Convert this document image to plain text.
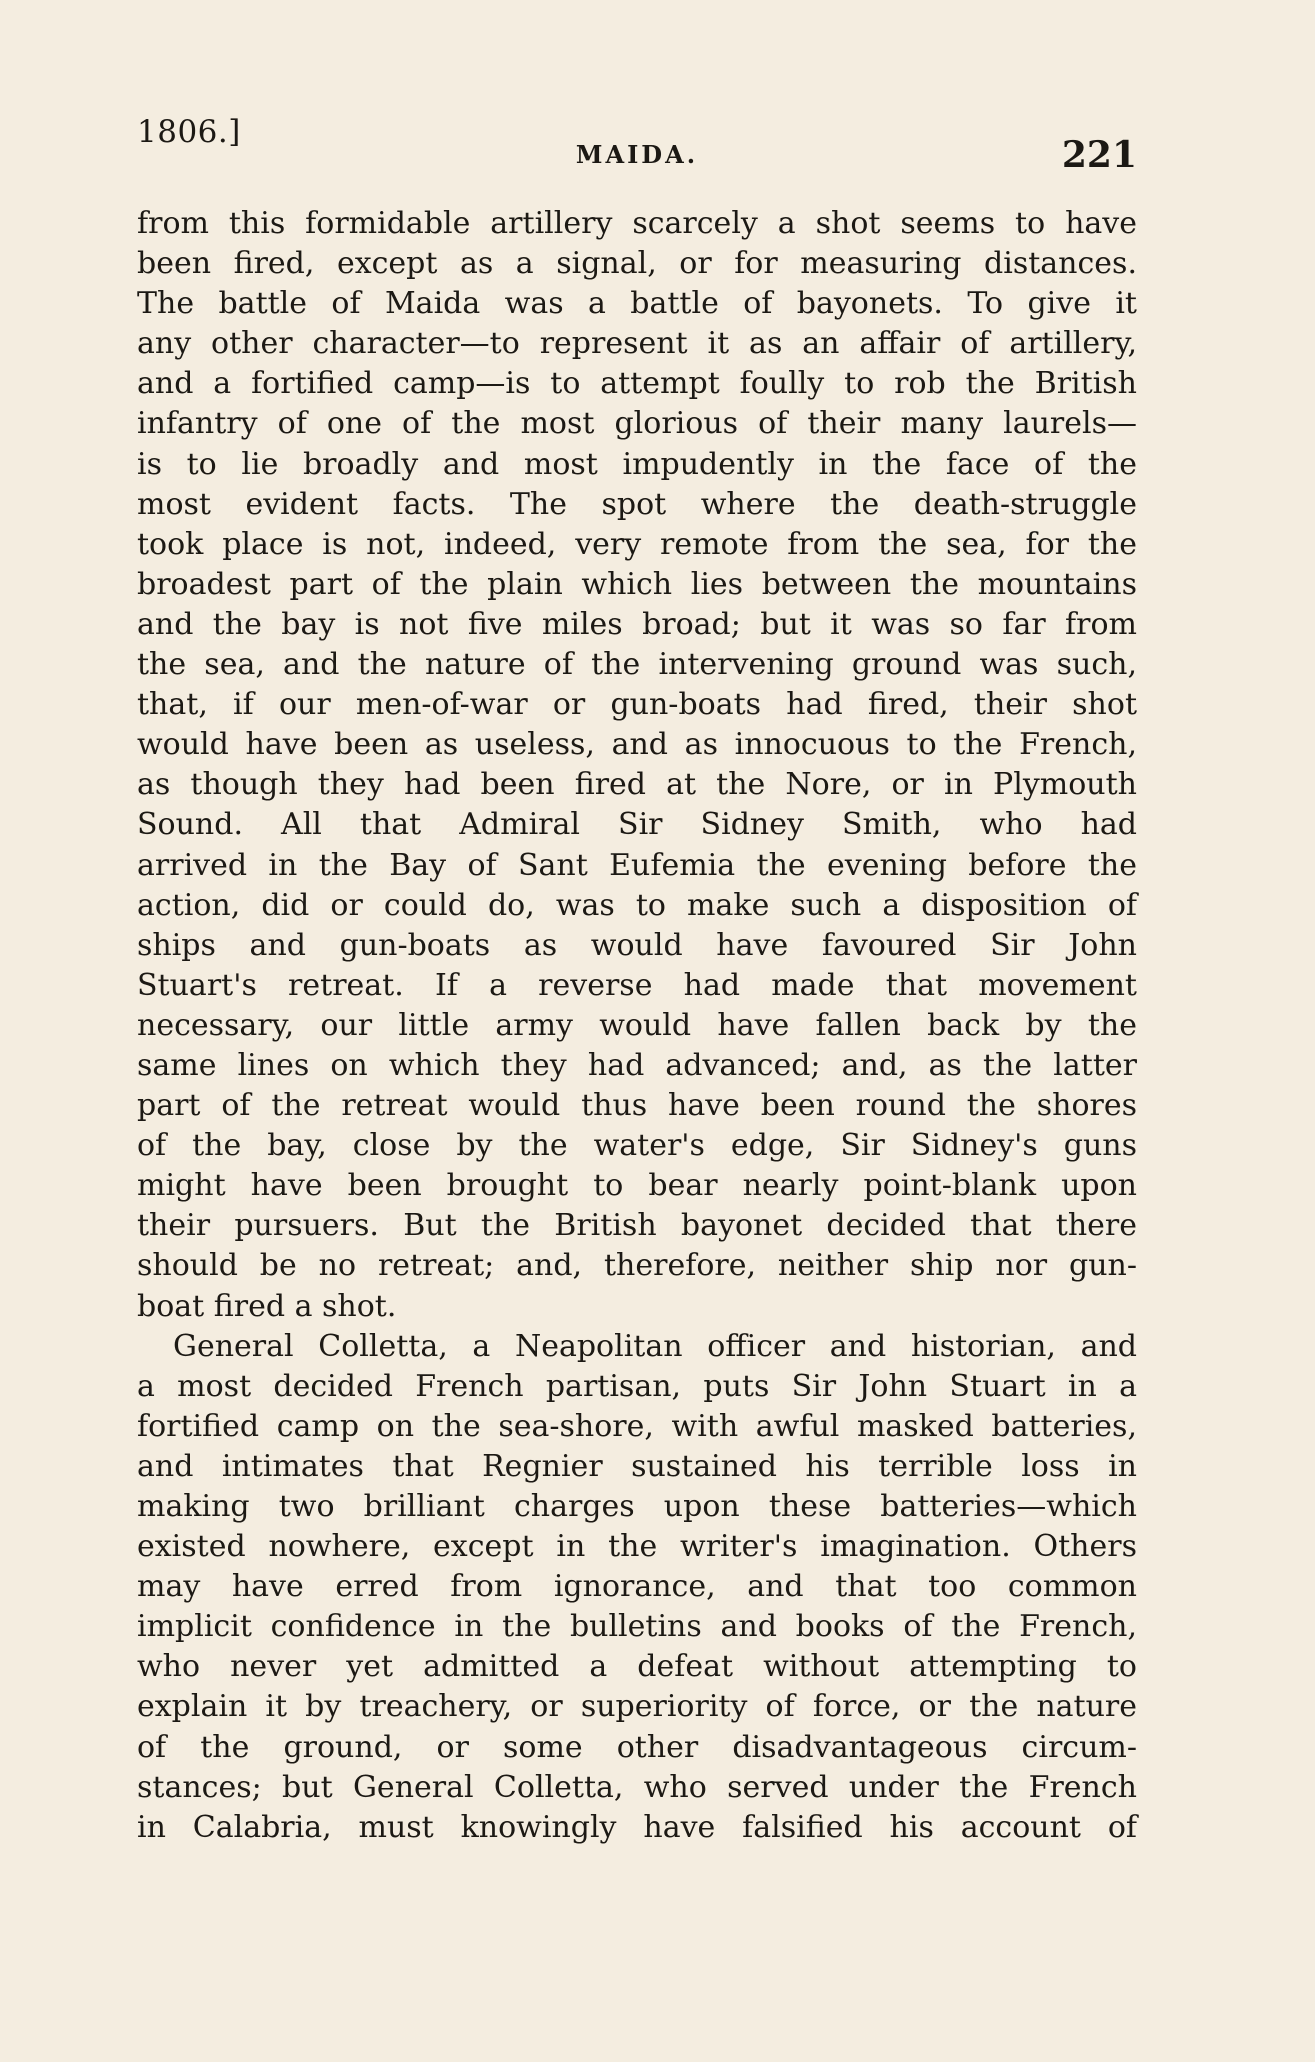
1806.]
MAIDA.	221
from this formidable artillery scarcely a shot seems to have
been fired, except as a signal, or for measuring distances.
The battle of Maida was a battle of bayonets. To give it
any other character—to represent it as an affair of artillery,
and a fortified camp—is to attempt foully to rob the British
infantry of one of the most glorious of their many laurels—
is to lie broadly and most impudently in the face of the
most evident facts. The spot where the death-struggle
took place is not, indeed, very remote from the sea, for the
broadest part of the plain which lies between the mountains
and the bay is not five miles broad; but it was so far from
the sea, and the nature of the intervening ground was such,
that, if our men-of-war or gun-boats had fired, their shot
would have been as useless, and as innocuous to the French,
as though they had been fired at the Nore, or in Plymouth
Sound. All that Admiral Sir Sidney Smith, who had
arrived in the Bay of Sant Eufemia the evening before the
action, did or could do, was to make such a disposition of
ships and gun-boats as would have favoured Sir John
Stuart's retreat. If a reverse had made that movement
necessary, our little army would have fallen back by the
same lines on which they had advanced; and, as the latter
part of the retreat would thus have been round the shores
of the bay, close by the water's edge, Sir Sidney's guns
might have been brought to bear nearly point-blank upon
their pursuers. But the British bayonet decided that there
should be no retreat; and, therefore, neither ship nor gun-
boat fired a shot.
General Colletta, a Neapolitan officer and historian, and
a most decided French partisan, puts Sir John Stuart in a
fortified camp on the sea-shore, with awful masked batteries,
and intimates that Regnier sustained his terrible loss in
making two brilliant charges upon these batteries—which
existed nowhere, except in the writer's imagination. Others
may have erred from ignorance, and that too common
implicit confidence in the bulletins and books of the French,
who never yet admitted a defeat without attempting to
explain it by treachery, or superiority of force, or the nature
of the ground, or some other disadvantageous circum-
stances; but General Colletta, who served under the French
in Calabria, must knowingly have falsified his account of
